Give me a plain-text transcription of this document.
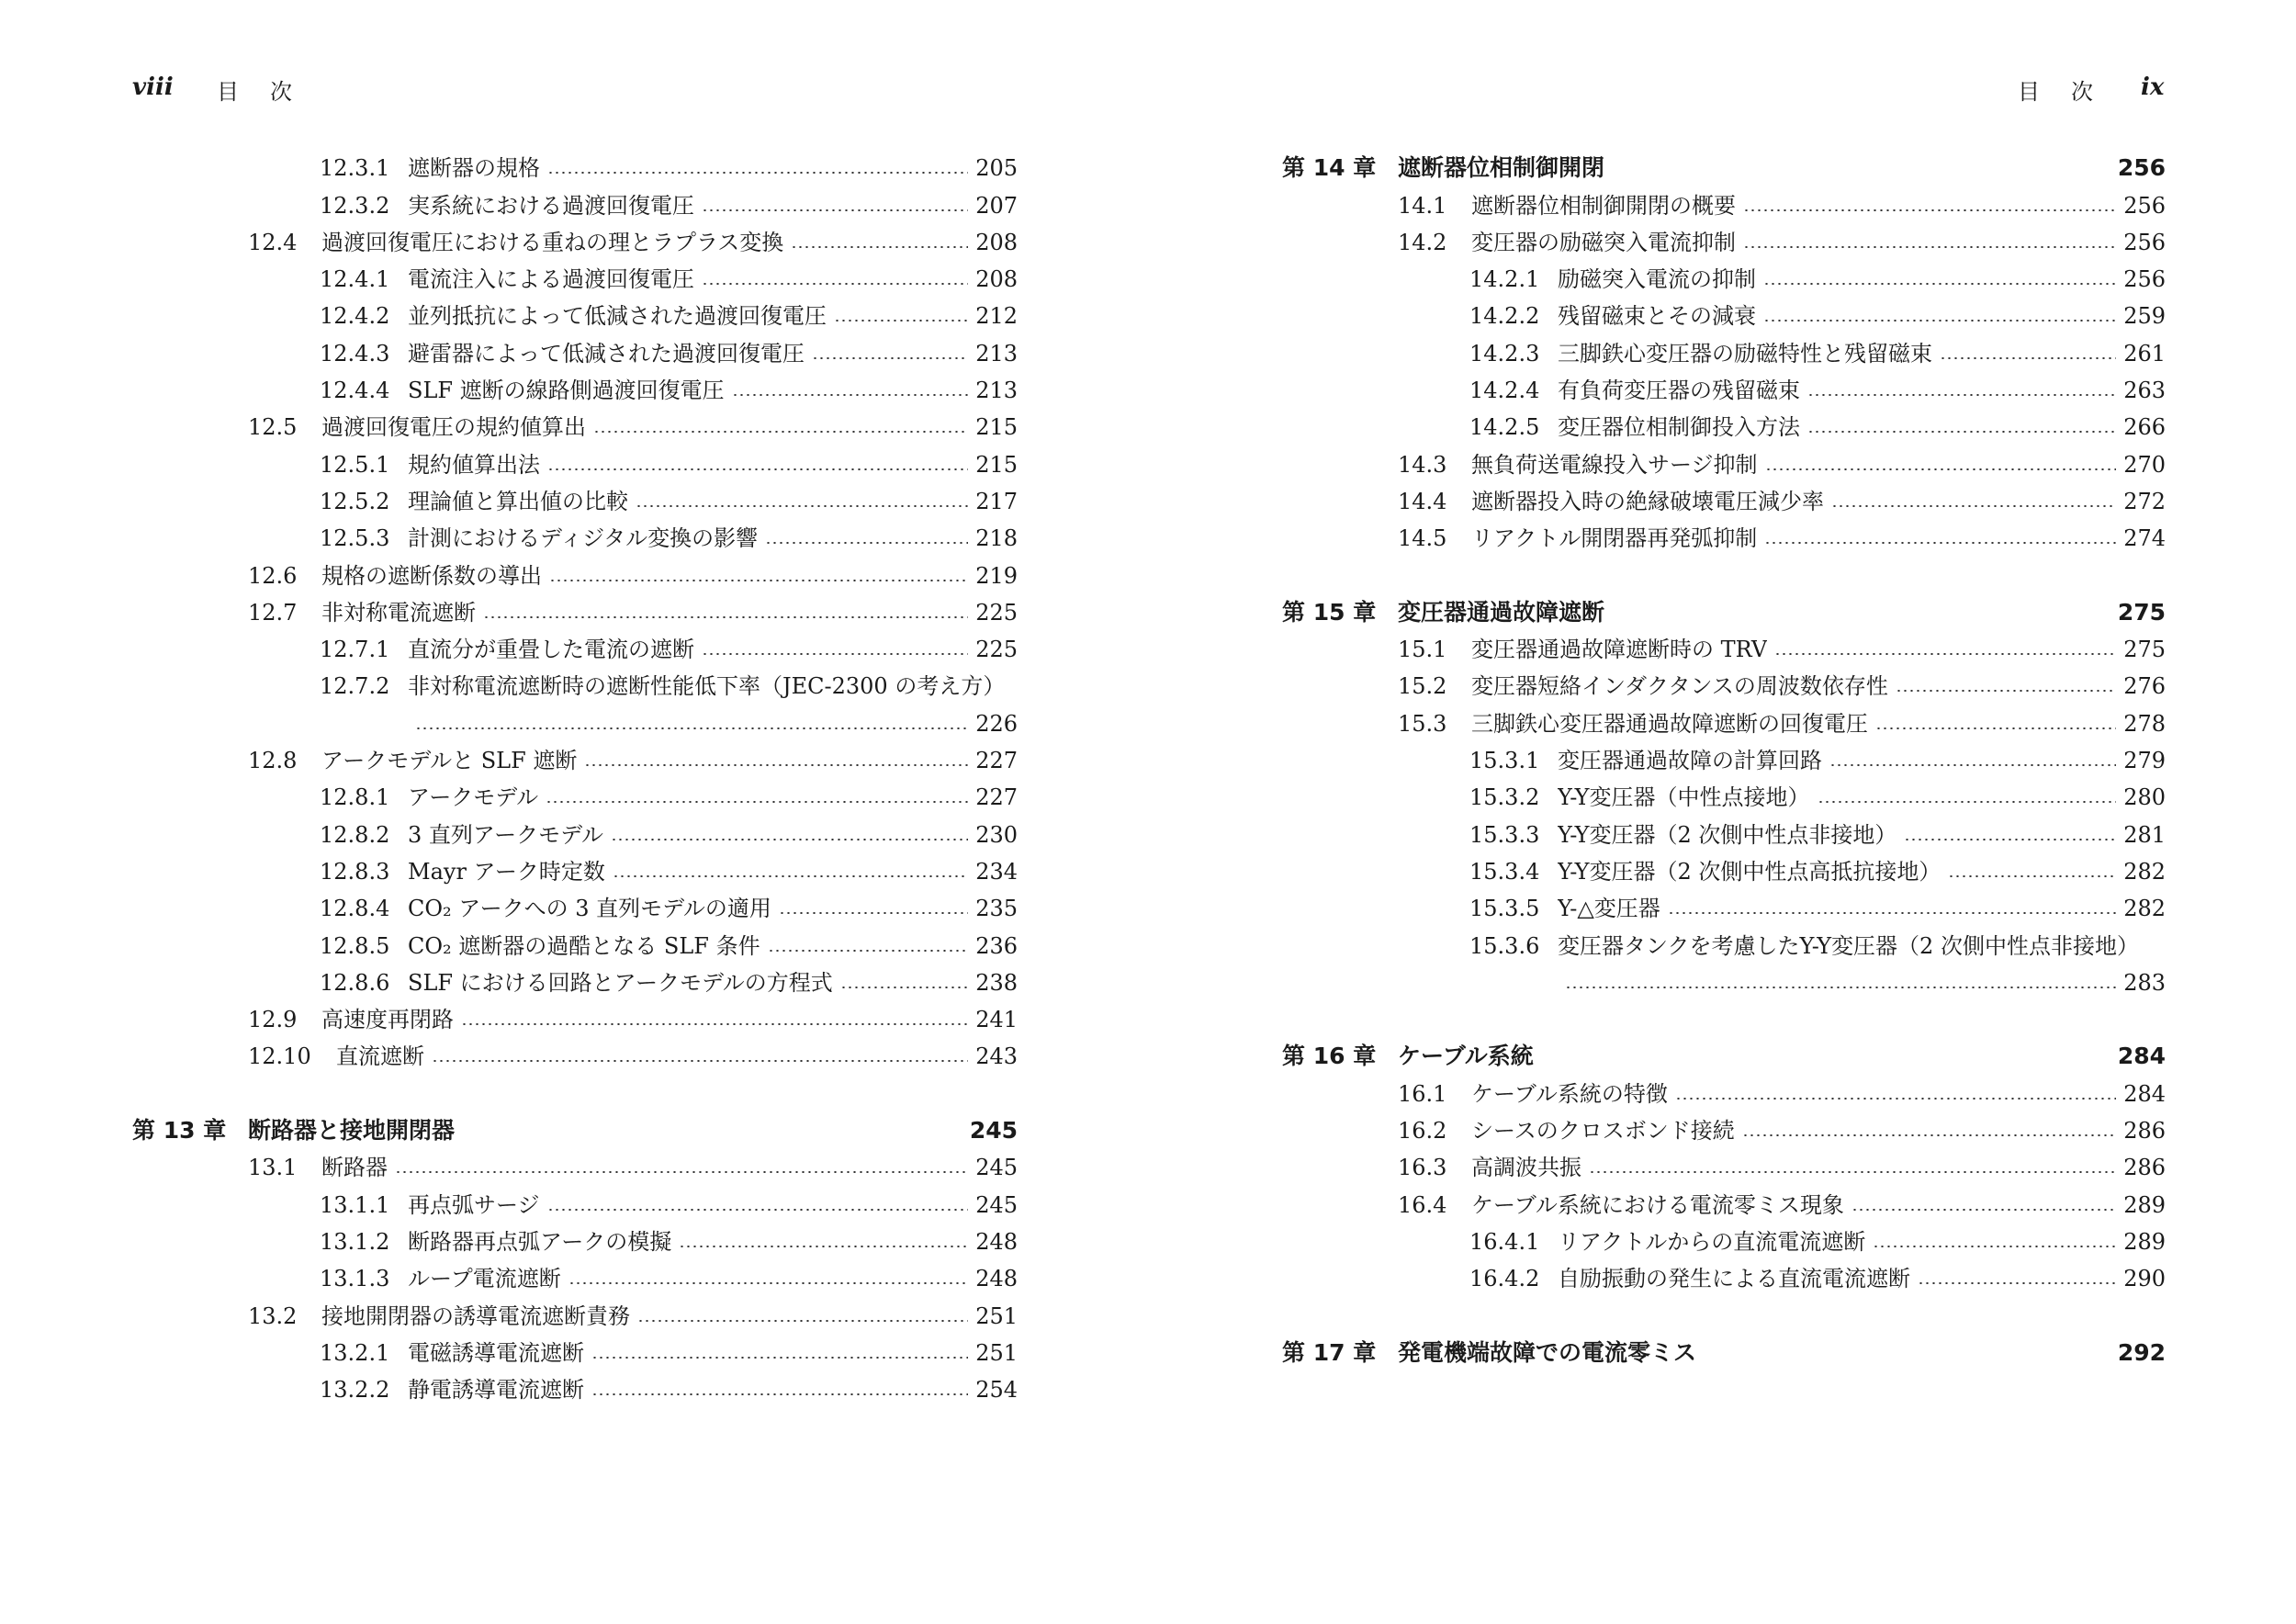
viii 目次
12.3.1 遮断器の規格	205
12.3.2 実系統における過渡回復電圧	207
12.4	過渡回復電圧における重ねの理とラプラス変換	208
12.4.1 電流注入による過渡回復電圧	208
12.4.2 並列抵抗によって低減された過渡回復電圧	212
12.4.3 避雷器によって低減された過渡回復電圧	213
12.4.4 SLF 遮断の線路側過渡回復電圧	213
12.5	過渡回復電圧の規約値算出	215
12.5.1 規約値算出法	215
12.5.2 理論値と算出値の比較	217
12.5.3 計測におけるディジタル変換の影響	218
12.6	規格の遮断係数の導出	219
12.7	非対称電流遮断	225
12.7.1 直流分が重畳した電流の遮断	225
12.7.2 非対称電流遮断時の遮断性能低下率（JEC-2300 の考え方）
226
12.8	アークモデルと SLF 遮断	227
12.8.1 アークモデル	227
12.8.2 3 直列アークモデル	230
12.8.3 Mayr アーク時定数	234
12.8.4 CO₂ アークへの 3 直列モデルの適用	235
12.8.5 CO₂ 遮断器の過酷となる SLF 条件	236
12.8.6 SLF における回路とアークモデルの方程式	238
12.9	高速度再閉路	241
12.10	直流遮断	243
第 13 章 断路器と接地開閉器	245
13.1	断路器	245
13.1.1 再点弧サージ	245
13.1.2 断路器再点弧アークの模擬	248
13.1.3 ループ電流遮断	248
13.2	接地開閉器の誘導電流遮断責務	251
13.2.1 電磁誘導電流遮断	251
13.2.2 静電誘導電流遮断	254
目次 ix
第 14 章 遮断器位相制御開閉	256
14.1	遮断器位相制御開閉の概要	256
14.2	変圧器の励磁突入電流抑制	256
14.2.1 励磁突入電流の抑制	256
14.2.2 残留磁束とその減衰	259
14.2.3 三脚鉄心変圧器の励磁特性と残留磁束	261
14.2.4 有負荷変圧器の残留磁束	263
14.2.5 変圧器位相制御投入方法	266
14.3	無負荷送電線投入サージ抑制	270
14.4	遮断器投入時の絶縁破壊電圧減少率	272
14.5	リアクトル開閉器再発弧抑制	274
第 15 章 変圧器通過故障遮断	275
15.1	変圧器通過故障遮断時の TRV	275
15.2	変圧器短絡インダクタンスの周波数依存性	276
15.3	三脚鉄心変圧器通過故障遮断の回復電圧	278
15.3.1 変圧器通過故障の計算回路	279
15.3.2 Y-Y変圧器（中性点接地）	280
15.3.3 Y-Y変圧器（2 次側中性点非接地）	281
15.3.4 Y-Y変圧器（2 次側中性点高抵抗接地）	282
15.3.5 Y-△変圧器	282
15.3.6 変圧器タンクを考慮したY-Y変圧器（2 次側中性点非接地）
283
第 16 章 ケーブル系統	284
16.1	ケーブル系統の特徴	284
16.2	シースのクロスボンド接続	286
16.3	高調波共振	286
16.4	ケーブル系統における電流零ミス現象	289
16.4.1 リアクトルからの直流電流遮断	289
16.4.2 自励振動の発生による直流電流遮断	290
第 17 章 発電機端故障での電流零ミス	292
